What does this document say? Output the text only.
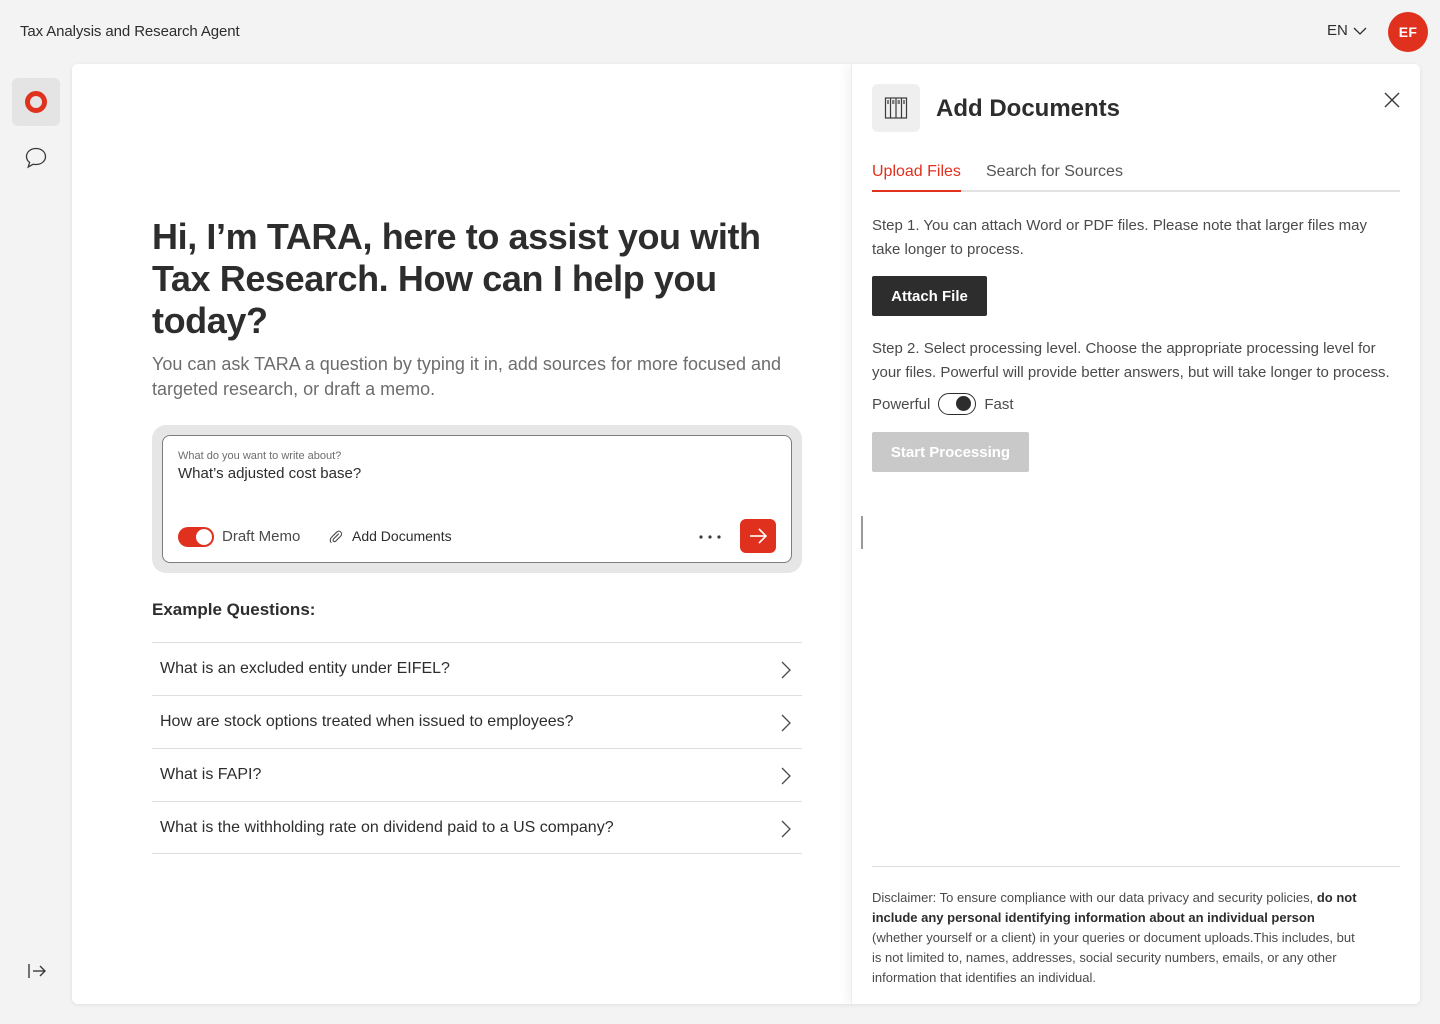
Tax Analysis and Research Agent	EN	EF
Hi, I’m TARA, here to assist you with Tax Research. How can I help you today?

You can ask TARA a question by typing it in, add sources for more focused and targeted research, or draft a memo.

What do you want to write about?
What’s adjusted cost base?
Draft Memo	Add Documents
Example Questions:
What is an excluded entity under EIFEL?
How are stock options treated when issued to employees?
What is FAPI?
What is the withholding rate on dividend paid to a US company?
Add Documents
Upload Files Search for Sources

Step 1. You can attach Word or PDF files. Please note that larger files may take longer to process.

Attach File

Step 2. Select processing level. Choose the appropriate processing level for your files. Powerful will provide better answers, but will take longer to process.

Powerful	Fast
Start Processing

Disclaimer: To ensure compliance with our data privacy and security policies, do not include any personal identifying information about an individual person (whether yourself or a client) in your queries or document uploads.This includes, but is not limited to, names, addresses, social security numbers, emails, or any other information that identifies an individual.
